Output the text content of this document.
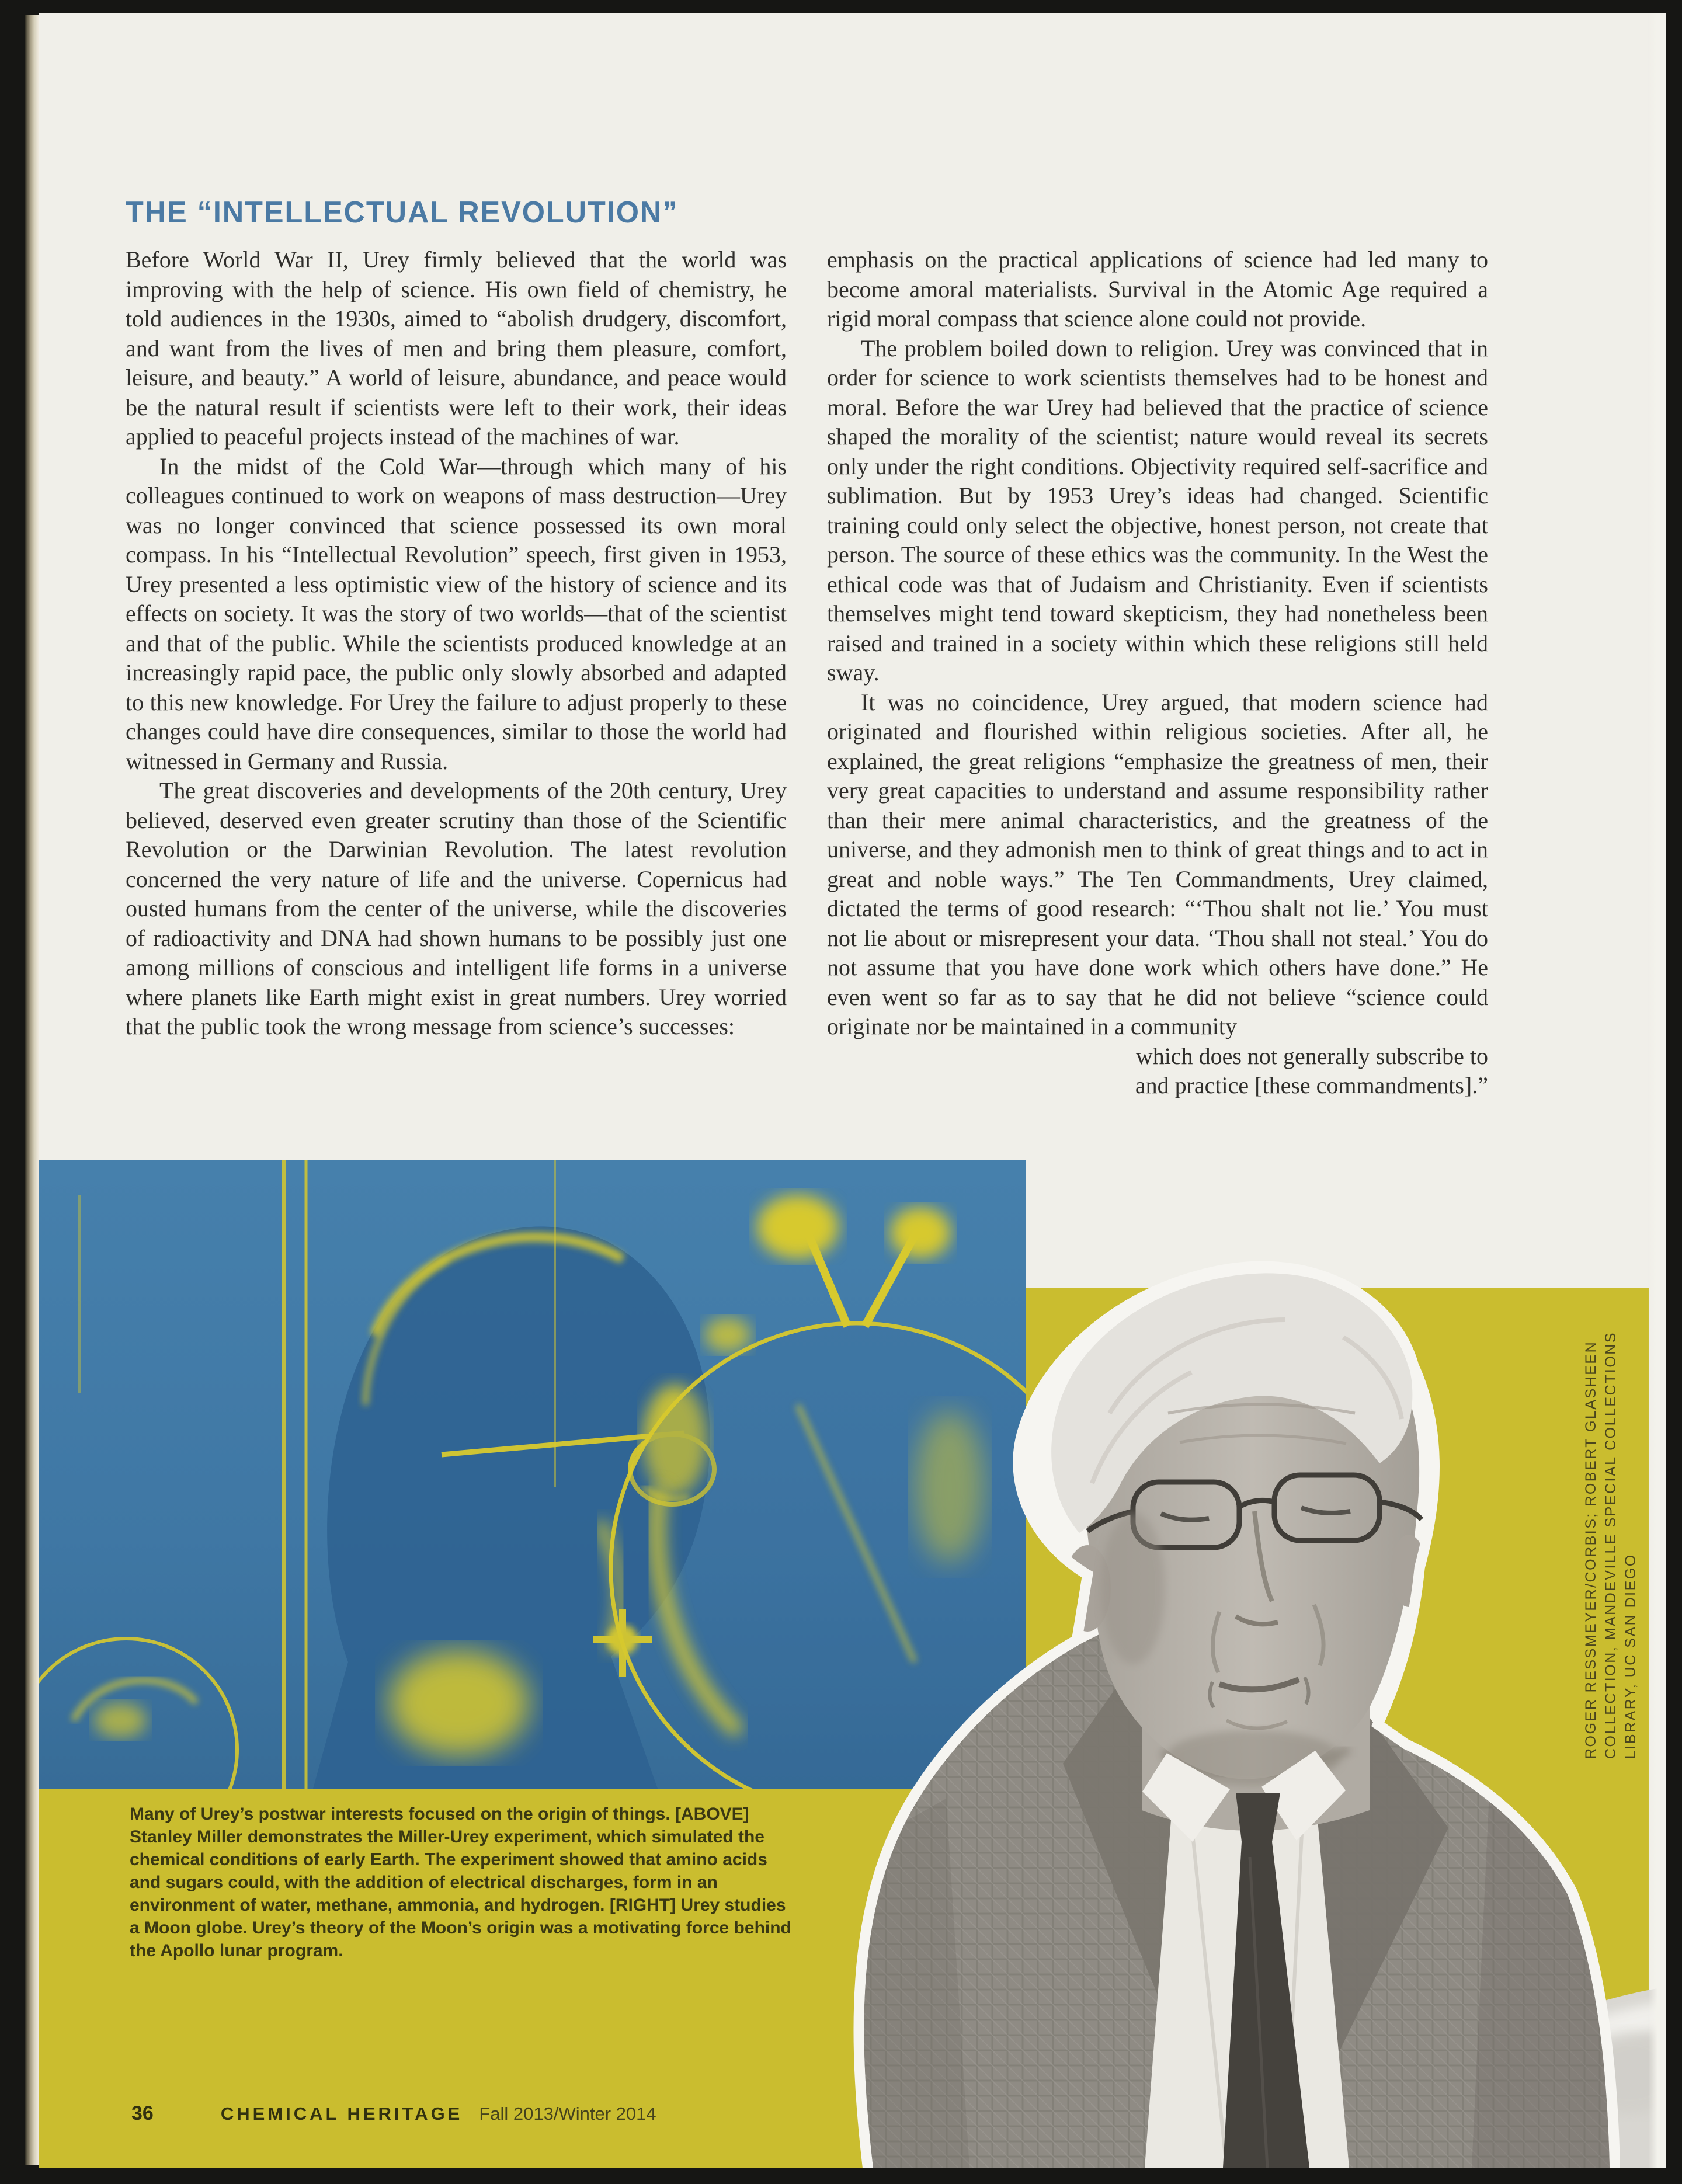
THE “INTELLECTUAL REVOLUTION”

Before World War II, Urey firmly believed that the world was improving with the help of science. His own field of chemistry, he told audiences in the 1930s, aimed to “abolish drudgery, discomfort, and want from the lives of men and bring them pleasure, comfort, leisure, and beauty.” A world of leisure, abundance, and peace would be the natural result if scientists were left to their work, their ideas applied to peaceful projects instead of the machines of war.

In the midst of the Cold War—through which many of his colleagues continued to work on weapons of mass destruction—Urey was no longer convinced that science possessed its own moral compass. In his “Intellectual Revolution” speech, first given in 1953, Urey presented a less optimistic view of the history of science and its effects on society. It was the story of two worlds—that of the scientist and that of the public. While the scientists produced knowledge at an increasingly rapid pace, the public only slowly absorbed and adapted to this new knowledge. For Urey the failure to adjust properly to these changes could have dire consequences, similar to those the world had witnessed in Germany and Russia.

The great discoveries and developments of the 20th century, Urey believed, deserved even greater scrutiny than those of the Scientific Revolution or the Darwinian Revolution. The latest revolution concerned the very nature of life and the universe. Copernicus had ousted humans from the center of the universe, while the discoveries of radioactivity and DNA had shown humans to be possibly just one among millions of conscious and intelligent life forms in a universe where planets like Earth might exist in great numbers. Urey worried that the public took the wrong message from science’s successes:

emphasis on the practical applications of science had led many to become amoral materialists. Survival in the Atomic Age required a rigid moral compass that science alone could not provide.

The problem boiled down to religion. Urey was convinced that in order for science to work scientists themselves had to be honest and moral. Before the war Urey had believed that the practice of science shaped the morality of the scientist; nature would reveal its secrets only under the right conditions. Objectivity required self-sacrifice and sublimation. But by 1953 Urey’s ideas had changed. Scientific training could only select the objective, honest person, not create that person. The source of these ethics was the community. In the West the ethical code was that of Judaism and Christianity. Even if scientists themselves might tend toward skepticism, they had nonetheless been raised and trained in a society within which these religions still held sway.

It was no coincidence, Urey argued, that modern science had originated and flourished within religious societies. After all, he explained, the great religions “emphasize the greatness of men, their very great capacities to understand and assume responsibility rather than their mere animal characteristics, and the greatness of the universe, and they admonish men to think of great things and to act in great and noble ways.” The Ten Commandments, Urey claimed, dictated the terms of good research: “‘Thou shalt not lie.’ You must not lie about or misrepresent your data. ‘Thou shall not steal.’ You do not assume that you have done work which others have done.” He even went so far as to say that he did not believe “science could originate nor be maintained in a community

which does not generally subscribe to

and practice [these commandments].”

ROGER RESSMEYER/CORBIS; ROBERT GLASHEEN COLLECTION, MANDEVILLE SPECIAL COLLECTIONS LIBRARY, UC SAN DIEGO
Many of Urey’s postwar interests focused on the origin of things. [ABOVE] Stanley Miller demonstrates the Miller-Urey experiment, which simulated the chemical conditions of early Earth. The experiment showed that amino acids and sugars could, with the addition of electrical discharges, form in an environment of water, methane, ammonia, and hydrogen. [RIGHT] Urey studies a Moon globe. Urey’s theory of the Moon’s origin was a motivating force behind the Apollo lunar program.
36	CHEMICAL HERITAGE Fall 2013/Winter 2014
